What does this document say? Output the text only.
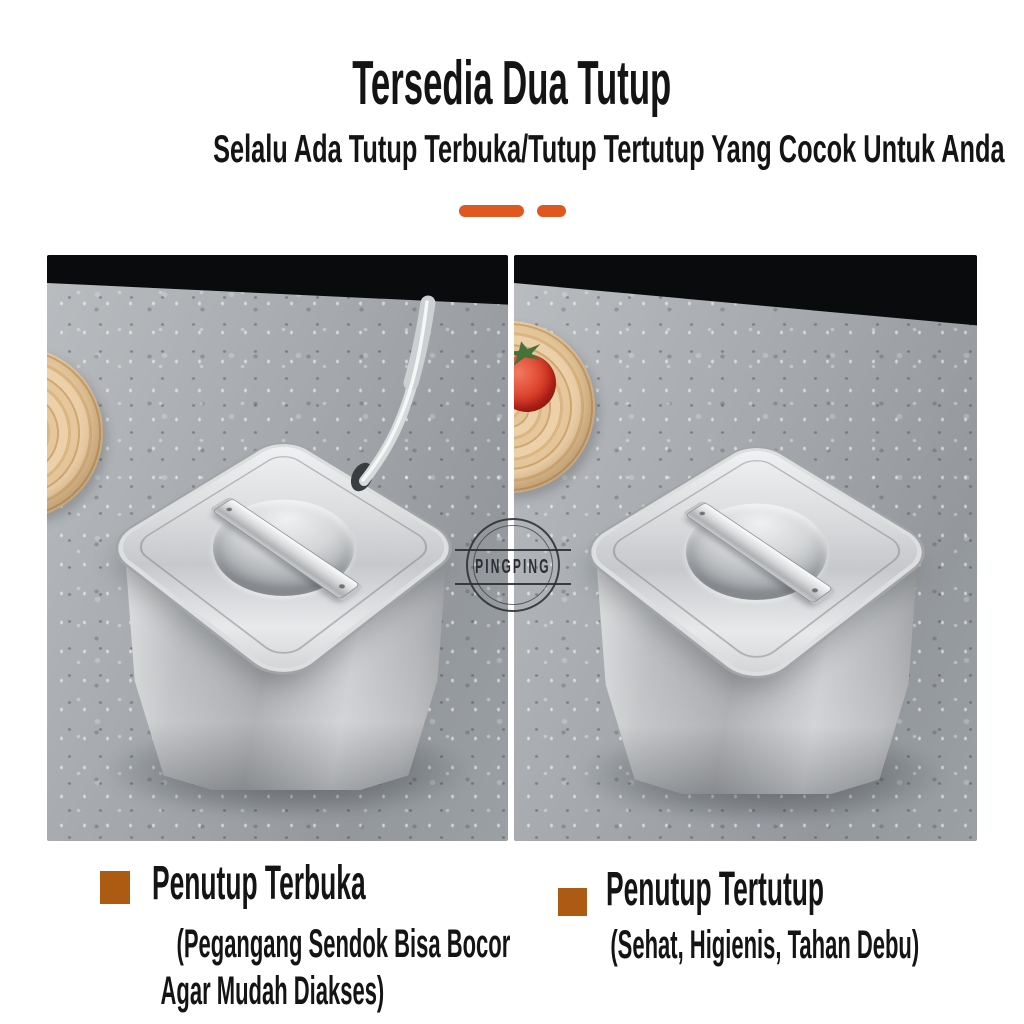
Tersedia Dua Tutup
Selalu Ada Tutup Terbuka/Tutup Tertutup Yang Cocok Untuk Anda
PINGPING
Penutup Terbuka
(Pegangang Sendok Bisa Bocor
Agar Mudah Diakses)
Penutup Tertutup
(Sehat, Higienis, Tahan Debu)
